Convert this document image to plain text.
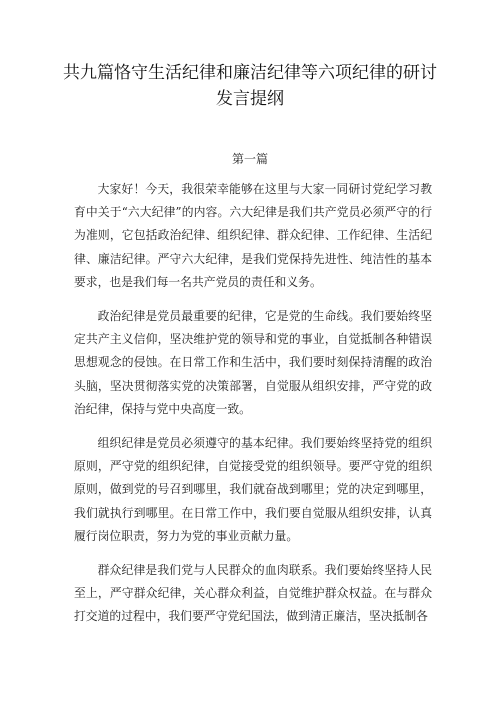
共九篇恪守生活纪律和廉洁纪律等六项纪律的研讨发言提纲
第一篇

大家好！今天，我很荣幸能够在这里与大家一同研讨党纪学习教育中关于“六大纪律”的内容。六大纪律是我们共产党员必须严守的行为准则，它包括政治纪律、组织纪律、群众纪律、工作纪律、生活纪律、廉洁纪律。严守六大纪律，是我们党保持先进性、纯洁性的基本要求，也是我们每一名共产党员的责任和义务。

政治纪律是党员最重要的纪律，它是党的生命线。我们要始终坚定共产主义信仰，坚决维护党的领导和党的事业，自觉抵制各种错误思想观念的侵蚀。在日常工作和生活中，我们要时刻保持清醒的政治头脑，坚决贯彻落实党的决策部署，自觉服从组织安排，严守党的政治纪律，保持与党中央高度一致。

组织纪律是党员必须遵守的基本纪律。我们要始终坚持党的组织原则，严守党的组织纪律，自觉接受党的组织领导。要严守党的组织原则，做到党的号召到哪里，我们就奋战到哪里；党的决定到哪里，我们就执行到哪里。在日常工作中，我们要自觉服从组织安排，认真履行岗位职责，努力为党的事业贡献力量。

群众纪律是我们党与人民群众的血肉联系。我们要始终坚持人民至上，严守群众纪律，关心群众利益，自觉维护群众权益。在与群众打交道的过程中，我们要严守党纪国法，做到清正廉洁，坚决抵制各
